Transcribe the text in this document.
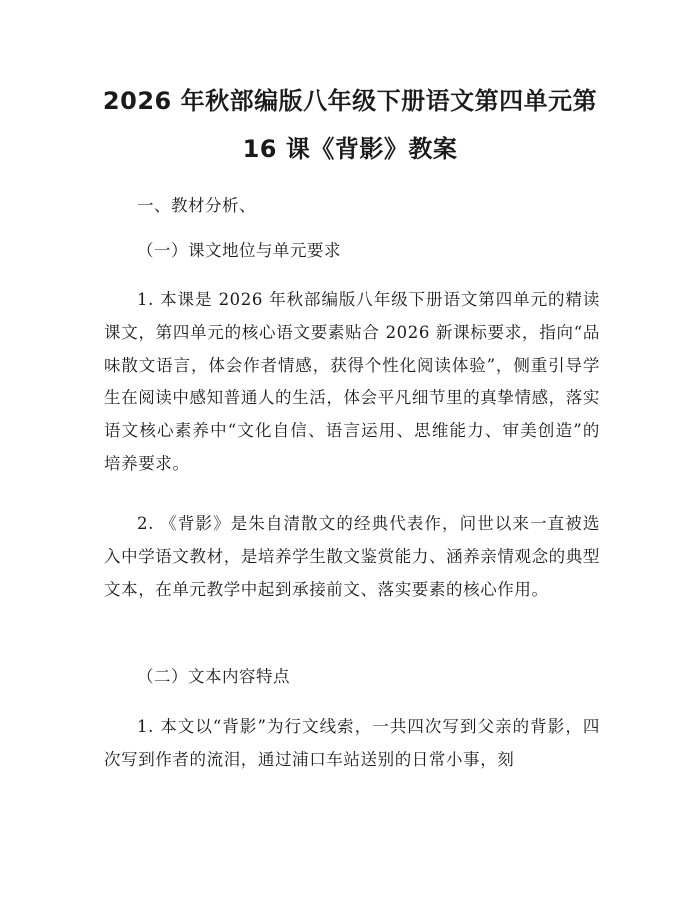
2026 年秋部编版八年级下册语文第四单元第
16 课《背影》教案
一、教材分析、
（一）课文地位与单元要求
1. 本课是 2026 年秋部编版八年级下册语文第四单元的精读课文，第四单元的核心语文要素贴合 2026 新课标要求，指向“品味散文语言，体会作者情感，获得个性化阅读体验”，侧重引导学生在阅读中感知普通人的生活，体会平凡细节里的真挚情感，落实语文核心素养中“文化自信、语言运用、思维能力、审美创造”的培养要求。
2. 《背影》是朱自清散文的经典代表作，问世以来一直被选入中学语文教材，是培养学生散文鉴赏能力、涵养亲情观念的典型文本，在单元教学中起到承接前文、落实要素的核心作用。
（二）文本内容特点
1. 本文以“背影”为行文线索，一共四次写到父亲的背影，四次写到作者的流泪，通过浦口车站送别的日常小事，刻
